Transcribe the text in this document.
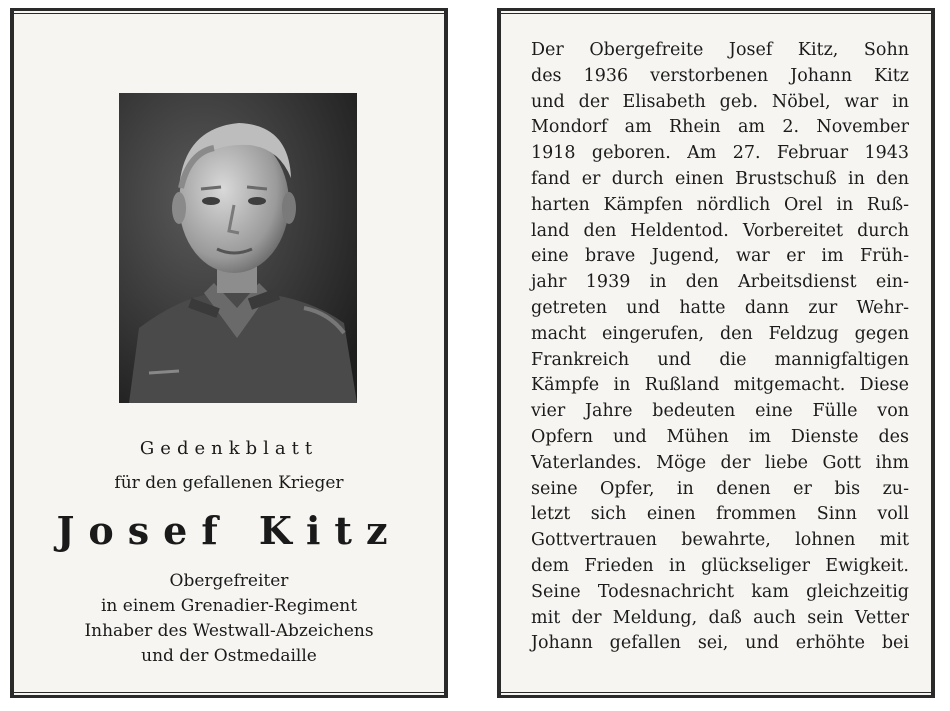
Gedenkblatt
für den gefallenen Krieger
Josef Kitz
Obergefreiter
in einem Grenadier-Regiment
Inhaber des Westwall-Abzeichens
und der Ostmedaille
Der Obergefreite Josef Kitz, Sohn
des 1936 verstorbenen Johann Kitz
und der Elisabeth geb. Nöbel, war in
Mondorf am Rhein am 2. November
1918 geboren. Am 27. Februar 1943
fand er durch einen Brustschuß in den
harten Kämpfen nördlich Orel in Ruß-
land den Heldentod. Vorbereitet durch
eine brave Jugend, war er im Früh-
jahr 1939 in den Arbeitsdienst ein-
getreten und hatte dann zur Wehr-
macht eingerufen, den Feldzug gegen
Frankreich und die mannigfaltigen
Kämpfe in Rußland mitgemacht. Diese
vier Jahre bedeuten eine Fülle von
Opfern und Mühen im Dienste des
Vaterlandes. Möge der liebe Gott ihm
seine Opfer, in denen er bis zu-
letzt sich einen frommen Sinn voll
Gottvertrauen bewahrte, lohnen mit
dem Frieden in glückseliger Ewigkeit.
Seine Todesnachricht kam gleichzeitig
mit der Meldung, daß auch sein Vetter
Johann gefallen sei, und erhöhte bei
